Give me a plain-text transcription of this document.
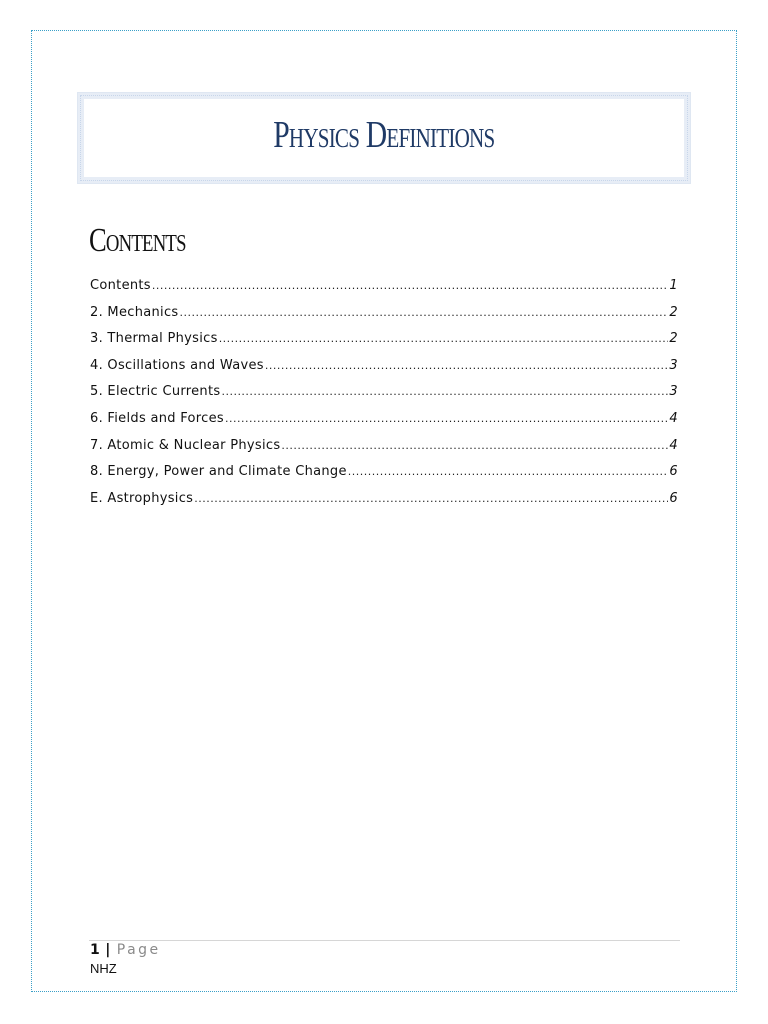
Physics Definitions
Contents
Contents .....	1
2. Mechanics .....	2
3. Thermal Physics .....	2
4. Oscillations and Waves .....	3
5. Electric Currents .....	3
6. Fields and Forces .....	4
7. Atomic & Nuclear Physics .....	4
8. Energy, Power and Climate Change .....	6
E. Astrophysics .....	6
1 | Page
NHZ
